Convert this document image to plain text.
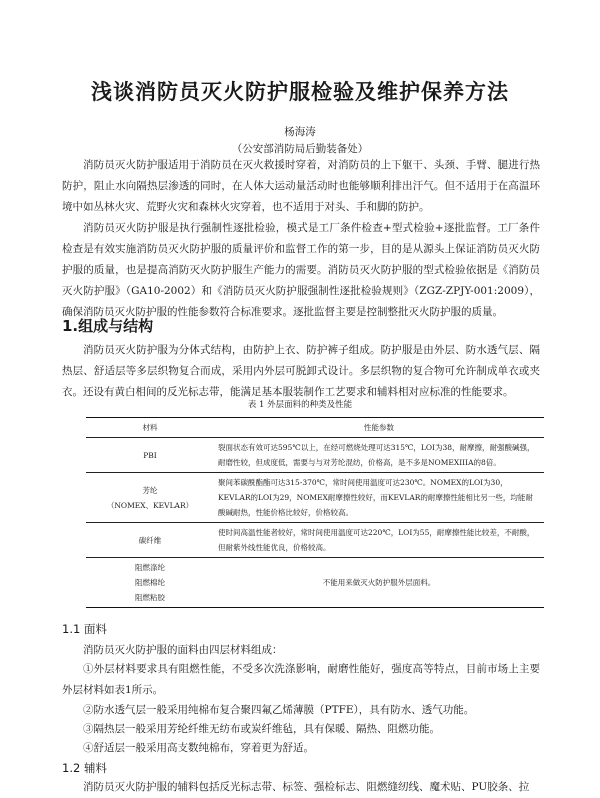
浅谈消防员灭火防护服检验及维护保养方法
杨海涛
（公安部消防局后勤装备处）

消防员灭火防护服适用于消防员在灭火救援时穿着，对消防员的上下躯干、头颈、手臂、腿进行热防护，阻止水向隔热层渗透的同时，在人体大运动量活动时也能够顺利排出汗气。但不适用于在高温环境中如丛林火灾、荒野火灾和森林火灾穿着，也不适用于对头、手和脚的防护。

消防员灭火防护服是执行强制性逐批检验，模式是工厂条件检查+型式检验+逐批监督。工厂条件检查是有效实施消防员灭火防护服的质量评价和监督工作的第一步，目的是从源头上保证消防员灭火防护服的质量，也是提高消防灭火防护服生产能力的需要。消防员灭火防护服的型式检验依据是《消防员灭火防护服》（GA10-2002）和《消防员灭火防护服强制性逐批检验规则》（ZGZ-ZPJY-001:2009），确保消防员灭火防护服的性能参数符合标准要求。逐批监督主要是控制整批灭火防护服的质量。

1.组成与结构

消防员灭火防护服为分体式结构，由防护上衣、防护裤子组成。防护服是由外层、防水透气层、隔热层、舒适层等多层织物复合而成，采用内外层可脱卸式设计。多层织物的复合物可允许制成单衣或夹衣。还设有黄白相间的反光标志带，能满足基本服装制作工艺要求和辅料相对应标准的性能要求。

表 1 外层面料的种类及性能
材料	性能参数
PBI	裂面状态有效可达595℃以上，在经可燃烧处理可达315℃，LOI为38，耐摩擦，耐强酸碱强，耐磨性较，但成度低，需要与与对芳纶混纺，价格高，是不多是NOMEXIIIA的8倍。

芳纶
（NOMEX、KEVLAR）	聚间苯碳酰酯酯可达315-370℃，常时间使用温度可达230℃。NOMEX的LOI为30，KEVLAR的LOI为29，NOMEX耐摩擦性较好，而KEVLAR的耐摩擦性能相比另一些，均能耐酸碱耐热，性能价格比较好，价格较高。
碳纤维	使时间高温性能者较好，常时间使用温度可达220℃，LOI为55，耐摩擦性能比较差，不耐酸，但耐紫外线性能优良，价格较高。

阻燃涤纶
阻燃棉纶
阻燃粘胶	不能用来做灭火防护服外层面料。
1.1 面料

消防员灭火防护服的面料由四层材料组成：

①外层材料要求具有阻燃性能，不受多次洗涤影响，耐磨性能好，强度高等特点，目前市场上主要外层材料如表1所示。

②防水透气层一般采用纯棉布复合聚四氟乙烯薄膜（PTFE），具有防水、透气功能。

③隔热层一般采用芳纶纤维无纺布或炭纤维毡，具有保暖、隔热、阻燃功能。

④舒适层一般采用高支数纯棉布，穿着更为舒适。

1.2 辅料

消防员灭火防护服的辅料包括反光标志带、标签、强检标志、阻燃缝纫线、魔术贴、PU胶条、拉
